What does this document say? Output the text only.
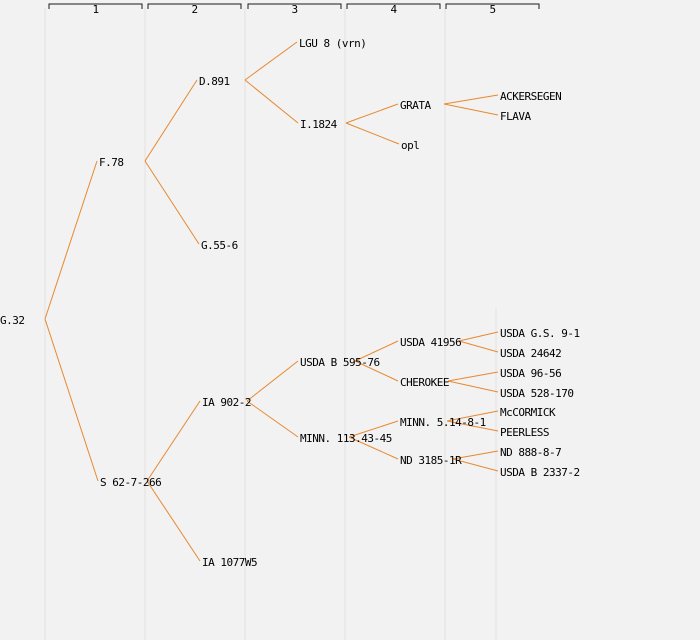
1	2	3	4	5
G.32
F.78
S 62-7-266
D.891
G.55-6
IA 902-2
IA 1077W5
LGU 8 (vrn)
I.1824
USDA B 595-76
MINN. 113.43-45
GRATA
opl
USDA 41956
CHEROKEE
MINN. 5.14-8-1
ND 3185-1R
ACKERSEGEN
FLAVA
USDA G.S. 9-1
USDA 24642
USDA 96-56
USDA 528-170
McCORMICK
PEERLESS
ND 888-8-7
USDA B 2337-2
